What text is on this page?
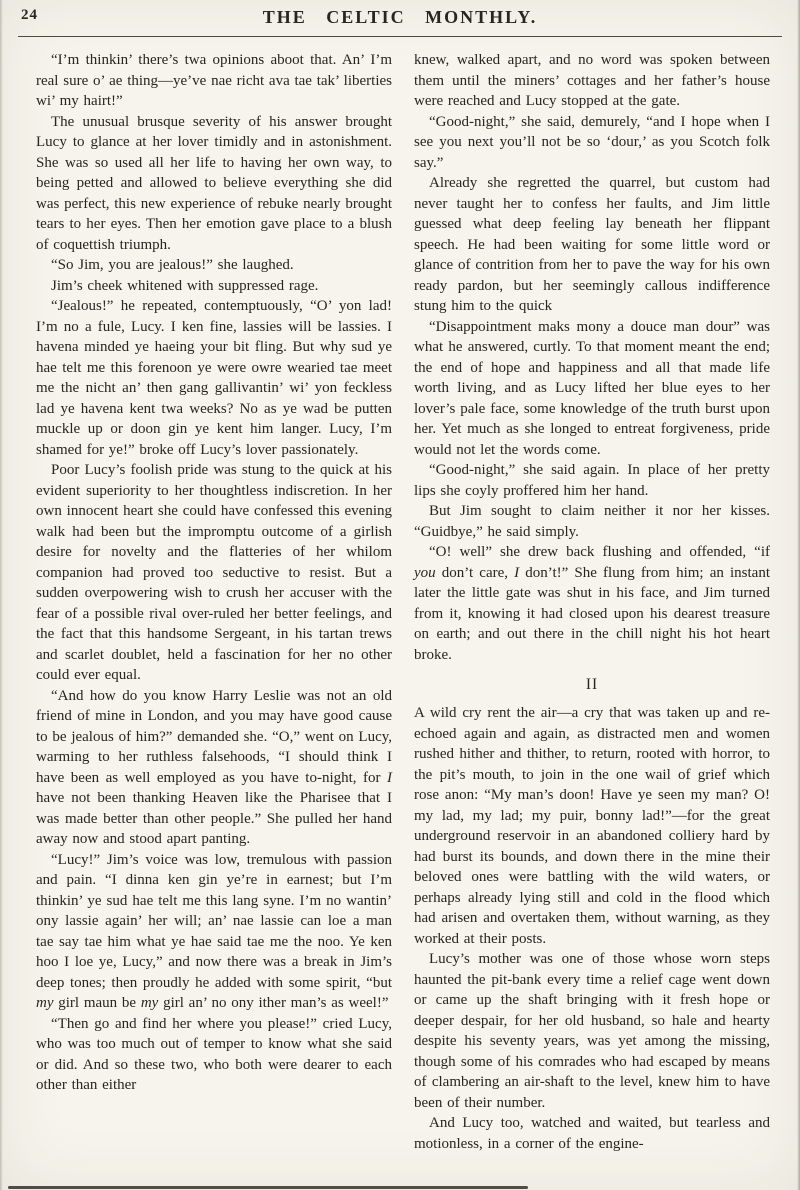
24	THE CELTIC MONTHLY.

“I’m thinkin’ there’s twa opinions aboot that. An’ I’m real sure o’ ae thing—ye’ve nae richt ava tae tak’ liberties wi’ my hairt!”

The unusual brusque severity of his answer brought Lucy to glance at her lover timidly and in astonishment. She was so used all her life to having her own way, to being petted and allowed to believe everything she did was perfect, this new experience of rebuke nearly brought tears to her eyes. Then her emotion gave place to a blush of coquettish triumph.

“So Jim, you are jealous!” she laughed.

Jim’s cheek whitened with suppressed rage.

“Jealous!” he repeated, contemptuously, “O’ yon lad! I’m no a fule, Lucy. I ken fine, lassies will be lassies. I havena minded ye haeing your bit fling. But why sud ye hae telt me this forenoon ye were owre wearied tae meet me the nicht an’ then gang gallivantin’ wi’ yon feckless lad ye havena kent twa weeks? No as ye wad be putten muckle up or doon gin ye kent him langer. Lucy, I’m shamed for ye!” broke off Lucy’s lover passionately.

Poor Lucy’s foolish pride was stung to the quick at his evident superiority to her thoughtless indiscretion. In her own innocent heart she could have confessed this evening walk had been but the impromptu outcome of a girlish desire for novelty and the flatteries of her whilom companion had proved too seductive to resist. But a sudden overpowering wish to crush her accuser with the fear of a possible rival over-ruled her better feelings, and the fact that this handsome Sergeant, in his tartan trews and scarlet doublet, held a fascination for her no other could ever equal.

“And how do you know Harry Leslie was not an old friend of mine in London, and you may have good cause to be jealous of him?” demanded she. “O,” went on Lucy, warming to her ruthless falsehoods, “I should think I have been as well employed as you have to-night, for I have not been thanking Heaven like the Pharisee that I was made better than other people.” She pulled her hand away now and stood apart panting.

“Lucy!” Jim’s voice was low, tremulous with passion and pain. “I dinna ken gin ye’re in earnest; but I’m thinkin’ ye sud hae telt me this lang syne. I’m no wantin’ ony lassie again’ her will; an’ nae lassie can loe a man tae say tae him what ye hae said tae me the noo. Ye ken hoo I loe ye, Lucy,” and now there was a break in Jim’s deep tones; then proudly he added with some spirit, “but my girl maun be my girl an’ no ony ither man’s as weel!”

“Then go and find her where you please!” cried Lucy, who was too much out of temper to know what she said or did. And so these two, who both were dearer to each other than either

knew, walked apart, and no word was spoken between them until the miners’ cottages and her father’s house were reached and Lucy stopped at the gate.

“Good-night,” she said, demurely, “and I hope when I see you next you’ll not be so ‘dour,’ as you Scotch folk say.”

Already she regretted the quarrel, but custom had never taught her to confess her faults, and Jim little guessed what deep feeling lay beneath her flippant speech. He had been waiting for some little word or glance of contrition from her to pave the way for his own ready pardon, but her seemingly callous indifference stung him to the quick

“Disappointment maks mony a douce man dour” was what he answered, curtly. To that moment meant the end; the end of hope and happiness and all that made life worth living, and as Lucy lifted her blue eyes to her lover’s pale face, some knowledge of the truth burst upon her. Yet much as she longed to entreat forgiveness, pride would not let the words come.

“Good-night,” she said again. In place of her pretty lips she coyly proffered him her hand.

But Jim sought to claim neither it nor her kisses. “Guidbye,” he said simply.

“O! well” she drew back flushing and offended, “if you don’t care, I don’t!” She flung from him; an instant later the little gate was shut in his face, and Jim turned from it, knowing it had closed upon his dearest treasure on earth; and out there in the chill night his hot heart broke.

II

A wild cry rent the air—a cry that was taken up and re-echoed again and again, as distracted men and women rushed hither and thither, to return, rooted with horror, to the pit’s mouth, to join in the one wail of grief which rose anon: “My man’s doon! Have ye seen my man? O! my lad, my lad; my puir, bonny lad!”—for the great underground reservoir in an abandoned colliery hard by had burst its bounds, and down there in the mine their beloved ones were battling with the wild waters, or perhaps already lying still and cold in the flood which had arisen and overtaken them, without warning, as they worked at their posts.

Lucy’s mother was one of those whose worn steps haunted the pit-bank every time a relief cage went down or came up the shaft bringing with it fresh hope or deeper despair, for her old husband, so hale and hearty despite his seventy years, was yet among the missing, though some of his comrades who had escaped by means of clambering an air-shaft to the level, knew him to have been of their number.

And Lucy too, watched and waited, but tearless and motionless, in a corner of the engine-
